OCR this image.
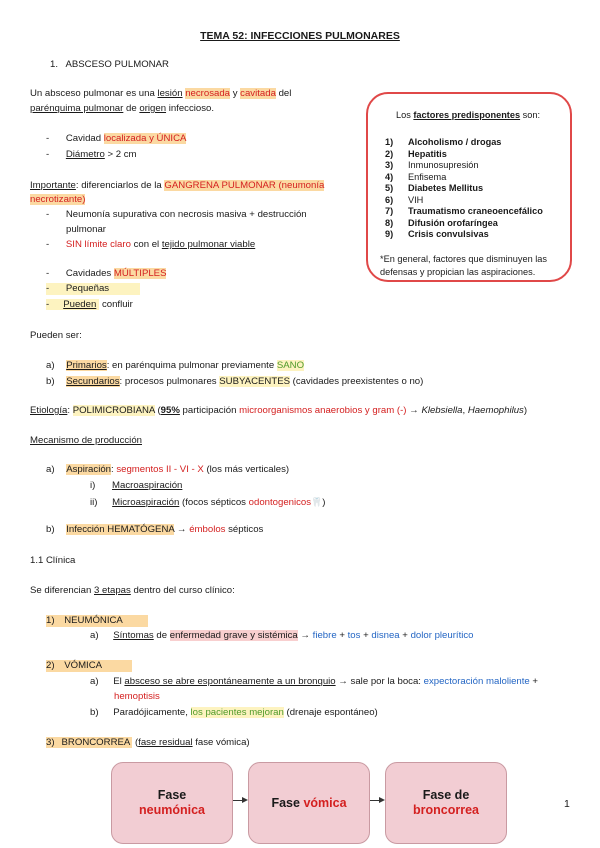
TEMA 52: INFECCIONES PULMONARES
1. ABSCESO PULMONAR
Un absceso pulmonar es una lesión necrosada y cavitada del
parénquima pulmonar de origen infeccioso.
- Cavidad localizada y ÚNICA
- Diámetro > 2 cm
Importante: diferenciarlos de la GANGRENA PULMONAR (neumonía
necrotizante)
- Neumonía supurativa con necrosis masiva + destrucción
pulmonar
- SIN límite claro con el tejido pulmonar viable
- Cavidades MÚLTIPLES
- Pequeñas
- Pueden confluir
Los factores predisponentes son:
1) Alcoholismo / drogas
2) Hepatitis
3) Inmunosupresión
4) Enfisema
5) Diabetes Mellitus
6) VIH
7) Traumatismo craneoencefálico
8) Difusión orofaríngea
9) Crisis convulsivas
*En general, factores que disminuyen las
defensas y propician las aspiraciones.
Pueden ser:
a) Primarios: en parénquima pulmonar previamente SANO
b) Secundarios: procesos pulmonares SUBYACENTES (cavidades preexistentes o no)
Etiología: POLIMICROBIANA (95% participación microorganismos anaerobios y gram (-) → Klebsiella, Haemophilus)
Mecanismo de producción
a) Aspiración: segmentos II - VI - X (los más verticales)
i) Macroaspiración
ii) Microaspiración (focos sépticos odontogenicos🦷)
b) Infección HEMATÓGENA → émbolos sépticos
1.1 Clínica
Se diferencian 3 etapas dentro del curso clínico:
1) NEUMÓNICA
a) Síntomas de enfermedad grave y sistémica → fiebre + tos + disnea + dolor pleurítico
2) VÓMICA
a) El absceso se abre espontáneamente a un bronquio → sale por la boca: expectoración maloliente +
hemoptisis
b) Paradójicamente, los pacientes mejoran (drenaje espontáneo)
3) BRONCORREA (fase residual fase vómica)
Fase
neumónica
Fase vómica
Fase de
broncorrea	1
